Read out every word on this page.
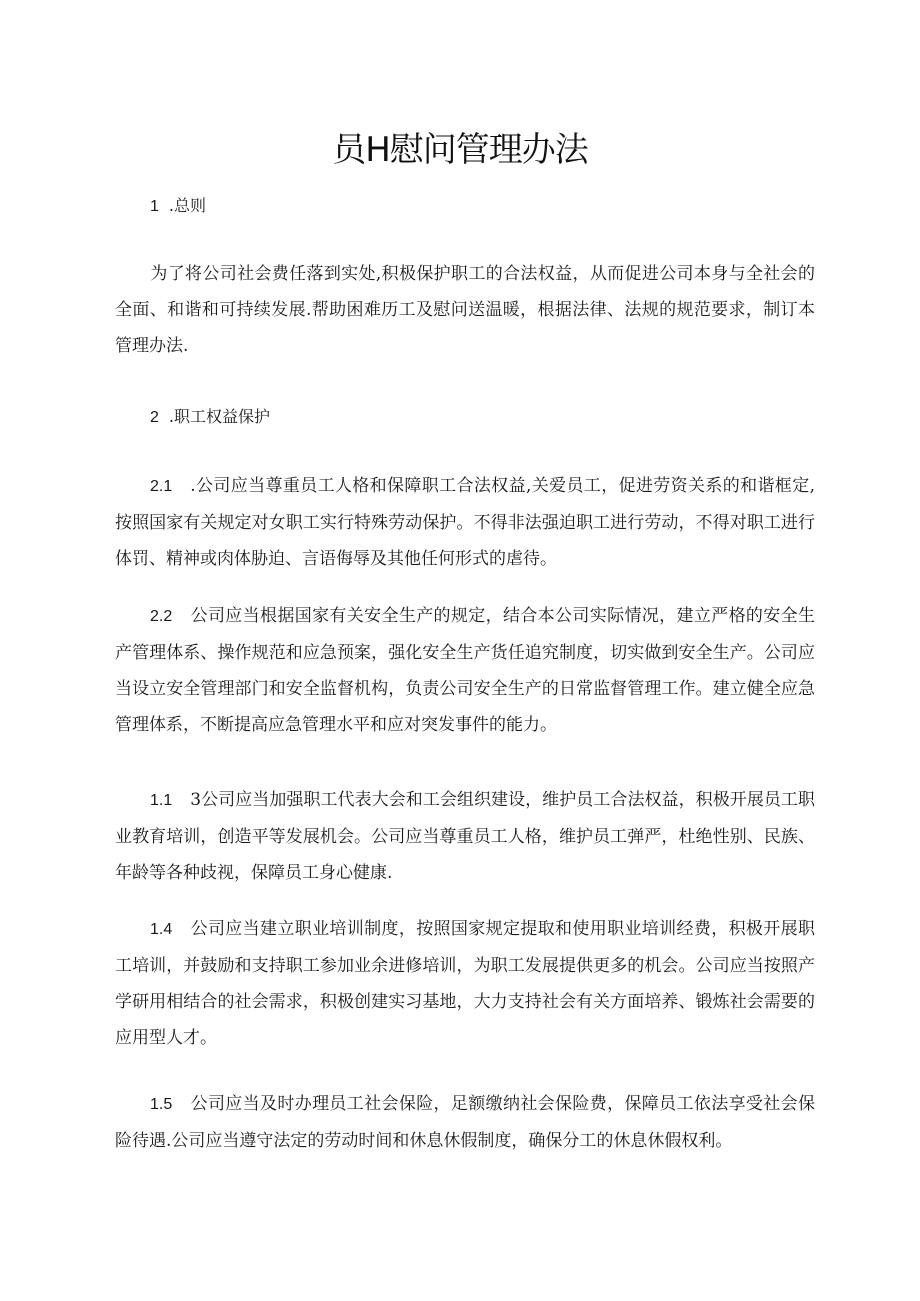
员H慰问管理办法
1 .总则
为了将公司社会费任落到实处,积极保护职工的合法权益，从而促进公司本身与全社会的全面、和谐和可持续发展.帮助困难历工及慰问送温暖，根据法律、法规的规范要求，制订本管理办法.
2 .职工权益保护
2.1 .公司应当尊重员工人格和保障职工合法权益,关爱员工，促进劳资关系的和谐框定,按照国家有关规定对女职工实行特殊劳动保护。不得非法强迫职工进行劳动，不得对职工进行体罚、精神或肉体胁迫、言语侮辱及其他任何形式的虐待。
2.2 公司应当根据国家有关安全生产的规定，结合本公司实际情况，建立严格的安全生产管理体系、操作规范和应急预案，强化安全生产货任追究制度，切实做到安全生产。公司应当设立安全管理部门和安全监督机构，负责公司安全生产的日常监督管理工作。建立健全应急管理体系，不断提高应急管理水平和应对突发事件的能力。
1.1 3公司应当加强职工代表大会和工会组织建设，维护员工合法权益，积极开展员工职业教育培训，创造平等发展机会。公司应当尊重员工人格，维护员工弹严，杜绝性别、民族、年龄等各种歧视，保障员工身心健康.
1.4 公司应当建立职业培训制度，按照国家规定提取和使用职业培训经费，积极开展职工培训，并鼓励和支持职工参加业余进修培训，为职工发展提供更多的机会。公司应当按照产学研用相结合的社会需求，积极创建实习基地，大力支持社会有关方面培养、锻炼社会需要的应用型人才。
1.5 公司应当及时办理员工社会保险，足额缴纳社会保险费，保障员工依法享受社会保险待遇.公司应当遵守法定的劳动时间和休息休假制度，确保分工的休息休假权利。
